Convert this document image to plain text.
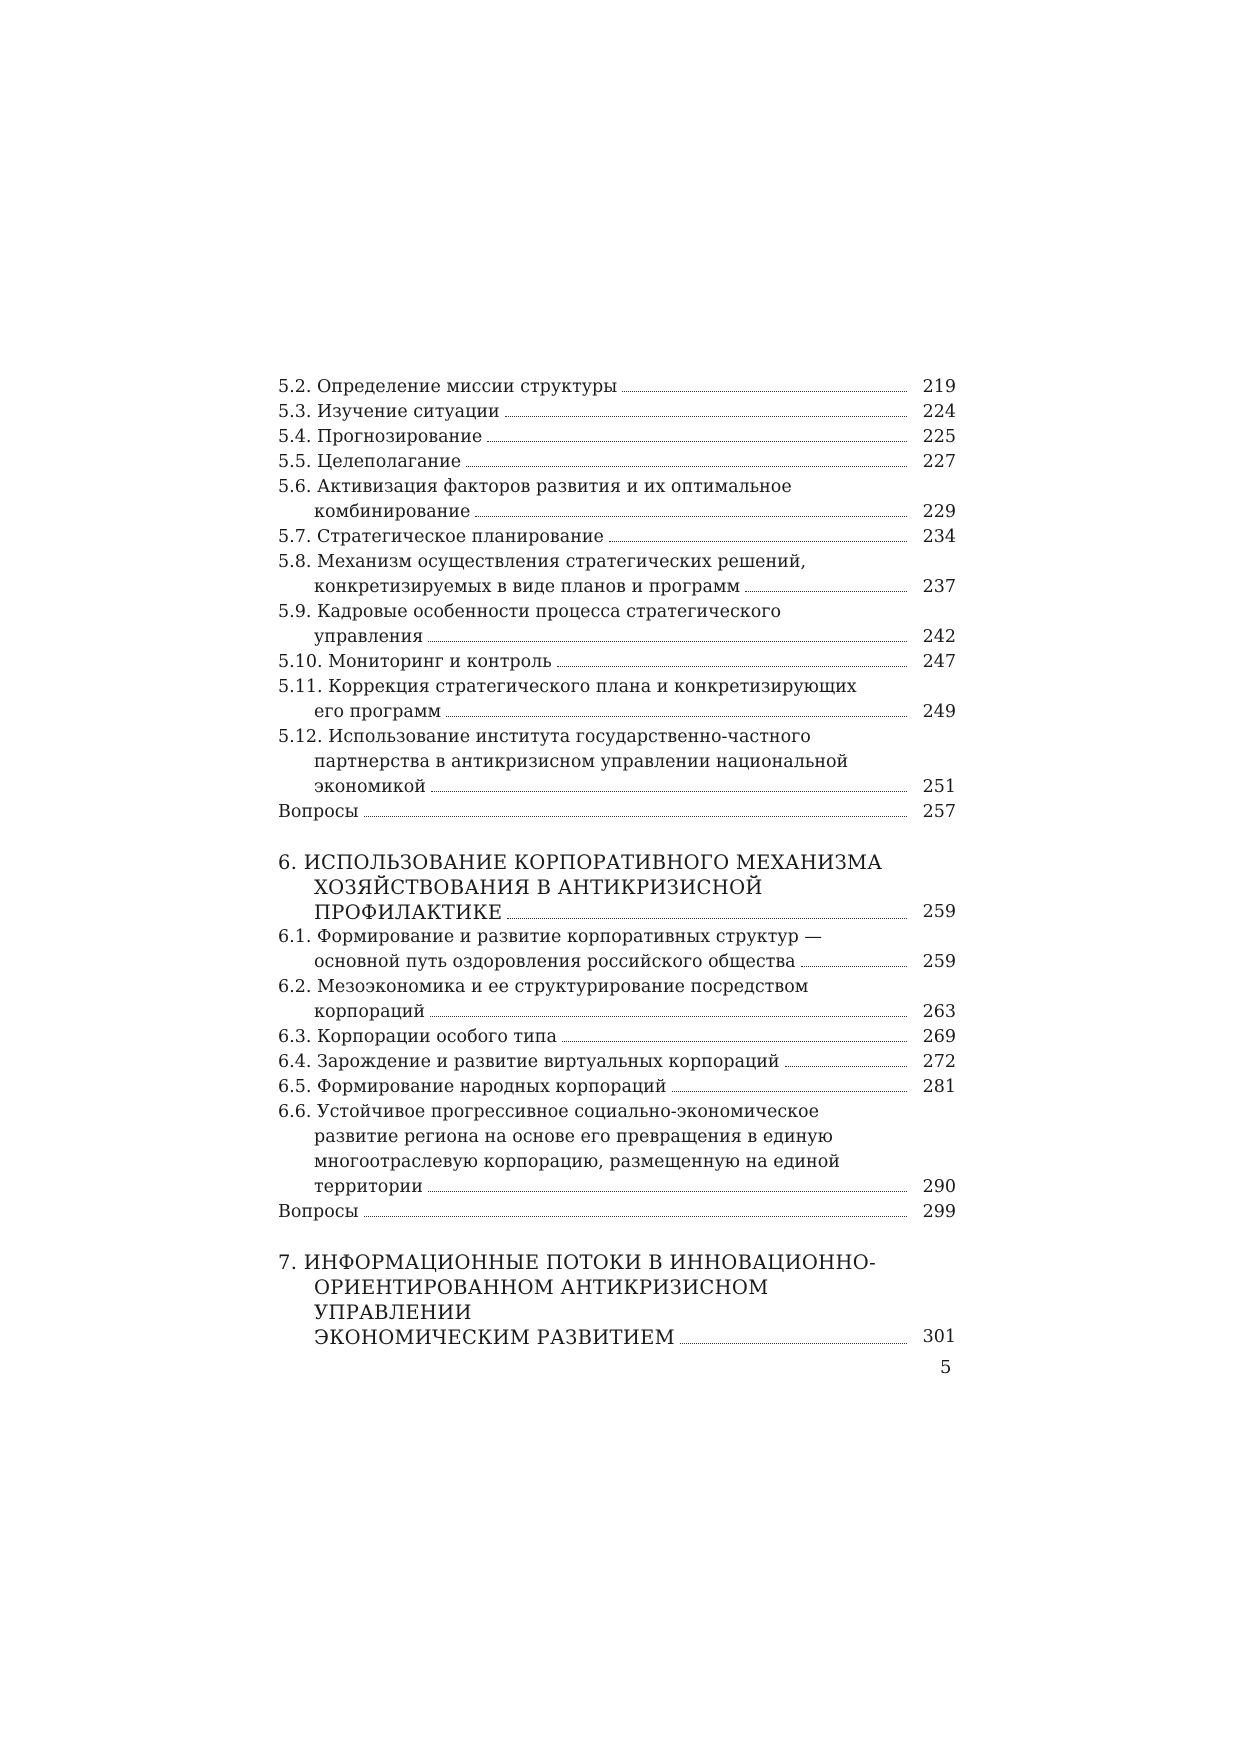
5.2. Определение миссии структуры	219
5.3. Изучение ситуации	224
5.4. Прогнозирование	225
5.5. Целеполагание	227
5.6. Активизация факторов развития и их оптимальное
комбинирование	229
5.7. Стратегическое планирование	234
5.8. Механизм осуществления стратегических решений,
конкретизируемых в виде планов и программ	237
5.9. Кадровые особенности процесса стратегического
управления	242
5.10. Мониторинг и контроль	247
5.11. Коррекция стратегического плана и конкретизирующих
его программ	249
5.12. Использование института государственно-частного
партнерства в антикризисном управлении национальной
экономикой	251
Вопросы	257
6. ИСПОЛЬЗОВАНИЕ КОРПОРАТИВНОГО МЕХАНИЗМА
ХОЗЯЙСТВОВАНИЯ В АНТИКРИЗИСНОЙ
ПРОФИЛАКТИКЕ	259
6.1. Формирование и развитие корпоративных структур —
основной путь оздоровления российского общества	259
6.2. Мезоэкономика и ее структурирование посредством
корпораций	263
6.3. Корпорации особого типа	269
6.4. Зарождение и развитие виртуальных корпораций	272
6.5. Формирование народных корпораций	281
6.6. Устойчивое прогрессивное социально-экономическое
развитие региона на основе его превращения в единую
многоотраслевую корпорацию, размещенную на единой
территории	290
Вопросы	299
7. ИНФОРМАЦИОННЫЕ ПОТОКИ В ИННОВАЦИОННО-
ОРИЕНТИРОВАННОМ АНТИКРИЗИСНОМ УПРАВЛЕНИИ
ЭКОНОМИЧЕСКИМ РАЗВИТИЕМ	301
5
